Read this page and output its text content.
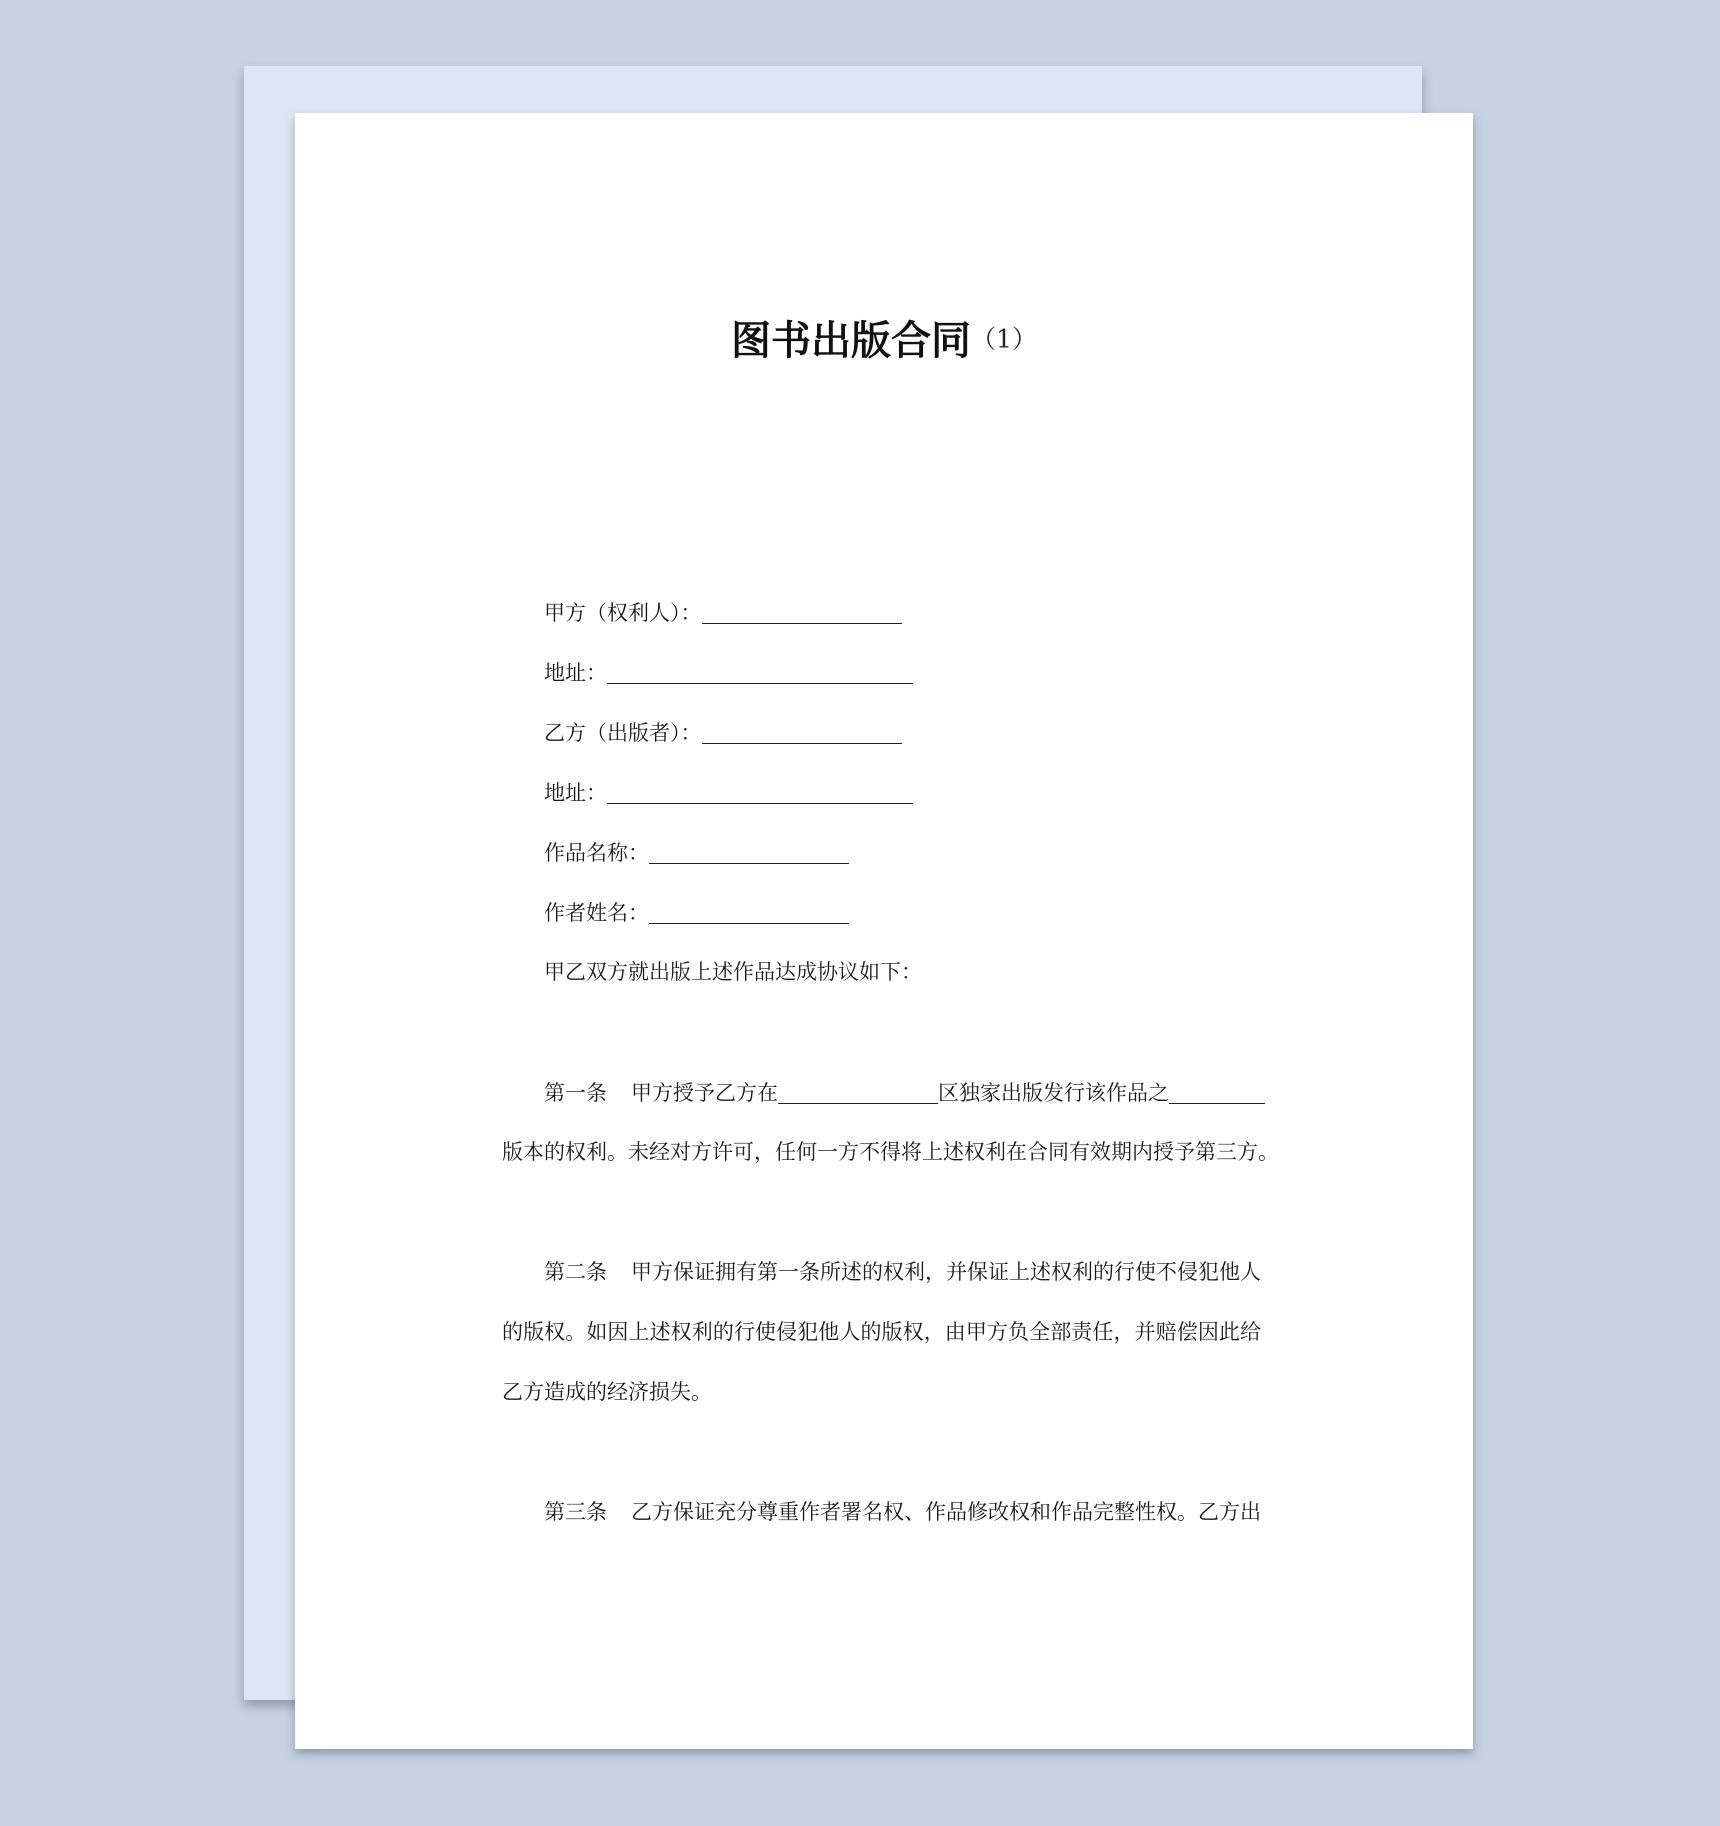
图书出版合同（1）
甲方（权利人）：
地址：
乙方（出版者）：
地址：
作品名称：
作者姓名：
甲乙双方就出版上述作品达成协议如下：
第一条 甲方授予乙方在	区独家出版发行该作品之
版本的权利。未经对方许可，任何一方不得将上述权利在合同有效期内授予第三方。
第二条 甲方保证拥有第一条所述的权利，并保证上述权利的行使不侵犯他人
的版权。如因上述权利的行使侵犯他人的版权，由甲方负全部责任，并赔偿因此给
乙方造成的经济损失。
第三条 乙方保证充分尊重作者署名权、作品修改权和作品完整性权。乙方出
